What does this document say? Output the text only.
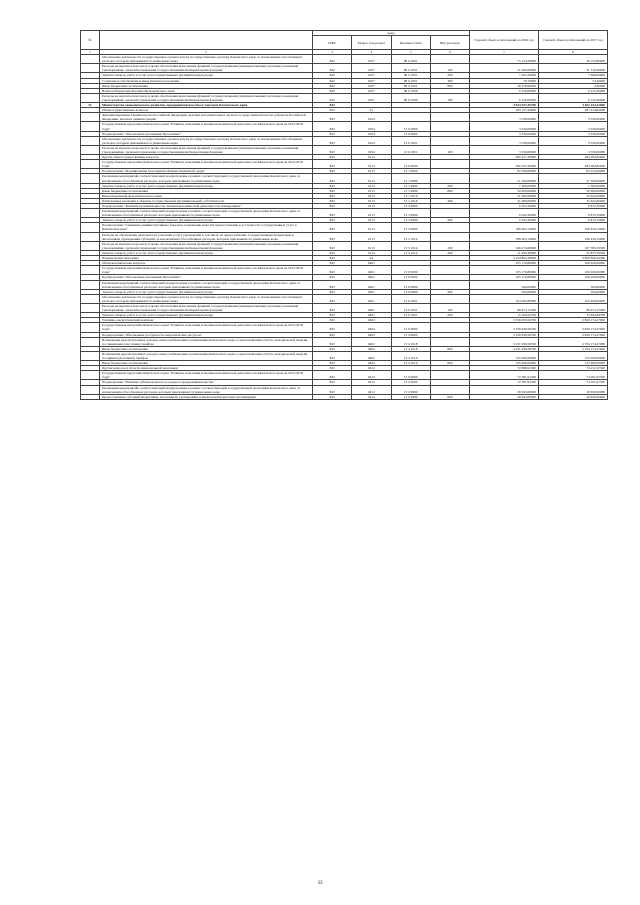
№		коды				Годовой объем ассигнований на 2016 год	Годовой объем ассигнований на 2017 год
		ГРБС	Раздел, под-раздел	Целевая статья	Вид расходов		
1	2	3	4	5	6	7	8
	Обеспечение деятельности государственных органов власти (государственных органов) Камчатского края, за исключением обособленных расходов, которым присваиваются уникальные коды	842	0107	99 0 1001		75 154,50000	39 152,80000
	Расходы на выплаты персоналу в целях обеспечения выполнения функций государственными (муниципальными) органами, казенными учреждениями, органами управления государственными внебюджетными фондами	842	0107	99 0 1001	100	31 490,00000	31 310,00000
	Закупка товаров, работ и услуг для государственных (муниципальных) нужд	842	0107	99 0 1001	200	7 205,20000	7 666,00000
	Социальное обеспечение и иные выплаты населению	842	0107	99 0 1001	300	70,70000	74,40000
	Иные бюджетные ассигнования	842	0107	99 0 1001	800	36 478,90000	2,40000
	Члены избирательной комиссии Камчатского края	842	0107	99 0 1006		6 156,00000	6 121,00000
	Расходы на выплаты персоналу в целях обеспечения выполнения функций государственными (муниципальными) органами, казенными учреждениями, органами управления государственными внебюджетными фондами	842	0107	99 0 1006	100	6 156,00000	6 121,00000
31	Министерство экономического развития, предпринимательства и торговли Камчатского края	843				3 923 927,36700	3 402 244,41000
	Общегосударственные вопросы	843	01			283 757,49000	287 914,82000
	Функционирование Правительства Российской Федерации, высших исполнительных органов государственной власти субъектов Российской Федерации, местных администраций	843	0104			3 530,00000	3 530,00000
	Государственная программа Камчатского края "Развитие экономики и внешнеэкономической деятельности Камчатского края на 2014-2018 годы"	843	0104	13 0 0000		3 530,00000	3 530,00000
	Подпрограмма "Обеспечение реализации Программы"	843	0104	13 6 0000		3 530,00000	3 530,00000
	Обеспечение деятельности государственных органов власти (государственных органов) Камчатского края, за исключением обособленных расходов, которым присваиваются уникальные коды	843	0104	13 6 1001		3 530,00000	3 530,00000
	Расходы на выплаты персоналу в целях обеспечения выполнения функций государственными (муниципальными) органами, казенными учреждениями, органами управления государственными внебюджетными фондами	843	0104	13 6 1001	100	3 530,00000	3 530,00000
	Другие общегосударственные вопросы	843	0113			280 227,49000	284 384,82000
	Государственная программа Камчатского края "Развитие экономики и внешнеэкономической деятельности Камчатского края на 2014-2018 годы"	843	0113	13 0 0000		280 227,49000	284 384,82000
	Подпрограмма "Формирование благоприятной инвестиционной среды"	843	0113	13 1 0000		82 560,00000	84 122,00000
	Реализация мероприятий соответствующей подпрограммы в рамках соответствующей государственной программы Камчатского края, за исключением обособленных расходов, которым присваиваются уникальные коды	843	0113	13 1 9999		51 500,00000	51 500,00000
	Закупка товаров, работ и услуг для государственных (муниципальных) нужд	843	0113	13 1 9999	200	1 500,00000	1 500,00000
	Иные бюджетные ассигнования	843	0113	13 1 9999	800	50 000,00000	50 000,00000
	Инвестиционный фонд Камчатского края	843	0113	13 1 1016		31 060,00000	32 622,00000
	Капитальные вложения в объекты государственной (муниципальной) собственности	843	0113	13 1 1016	400	31 060,00000	32 622,00000
	Подпрограмма "Развитие промышленности, внешнеэкономической деятельности, конкуренции"	843	0113	13 3 0000		9 322,30000	9 813,70000
	Реализация мероприятий соответствующей подпрограммы в рамках соответствующей государственной программы Камчатского края, за исключением обособленных расходов, которым присваиваются уникальные коды	843	0113	13 3 9999		9 322,30000	9 813,70000
	Закупка товаров, работ и услуг для государственных (муниципальных) нужд	843	0113	13 3 9999	200	9 322,30000	9 813,70000
	Подпрограмма "Снижение административных барьеров, повышение качества предоставления и доступности государственных услуг в Камчатском крае"	843	0113	13 5 0000		188 405,14000	190 459,12000
	Расходы на обеспечение деятельности (оказание услуг) учреждений, в том числе на предоставление государственным бюджетным и автономным учреждениям субсидий, за исключением обособленных расходов, которым присваиваются уникальные коды	843	0113	13 5 1014		188 405,14000	190 459,12000
	Расходы на выплаты персоналу в целях обеспечения выполнения функций государственными (муниципальными) органами, казенными учреждениями, органами управления государственными внебюджетными фондами	843	0113	13 5 1014	100	166 474,68000	167 583,35500
	Закупка товаров, работ и услуг для государственных (муниципальных) нужд	843	0113	13 5 1014	200	21 930,46000	22 875,76500
	Национальная экономика	843	04			3 334 803,28000	3 009 406,44300
	Общеэкономические вопросы	843	0401			105 176,80000	106 020,00000
	Государственная программа Камчатского края "Развитие экономики и внешнеэкономической деятельности Камчатского края на 2014-2018 годы"	843	0401	13 0 0000		105 176,80000	106 020,00000
	Подпрограмма "Обеспечение реализации Программы"	843	0401	13 6 0000		105 176,80000	106 020,00000
	Реализация мероприятий соответствующей подпрограммы в рамках соответствующей государственной программы Камчатского края, за исключением обособленных расходов, которым присваиваются уникальные коды	843	0401	13 6 9999		594,00000	594,00000
	Закупка товаров, работ и услуг для государственных (муниципальных) нужд	843	0401	13 6 9999	200	594,00000	594,00000
	Обеспечение деятельности государственных органов власти (государственных органов) Камчатского края, за исключением обособленных расходов, которым присваиваются уникальные коды	843	0401	13 6 1001		104 582,80000	105 426,00000
	Расходы на выплаты персоналу в целях обеспечения выполнения функций государственными (муниципальными) органами, казенными учреждениями, органами управления государственными внебюджетными фондами	843	0401	13 6 1001	100	89 473,15300	89 473,15300
	Закупка товаров, работ и услуг для государственных (муниципальных) нужд	843	0401	13 6 1001	200	15 109,64700	15 952,84700
	Топливно-энергетический комплекс	843	0402			3 356 939,56700	2 829 174,47000
	Государственная программа Камчатского края "Развитие экономики и внешнеэкономической деятельности Камчатского края на 2014-2018 годы"	843	0402	13 0 0000		3 356 939,56700	2 829 174,47000
	Подпрограмма "Обеспечение доступности энергетических ресурсов"	843	0402	13 4 0000		3 356 939,56700	2 829 174,47000
	Возмещение недополученных доходов энергоснабжающим организациям Камчатского края, осуществляющим отпуск электрической энергии по сниженным (льготным) тарифам	843	0402	13 4 1018		3 231 939,56700	2 704 174,47000
	Иные бюджетные ассигнования	843	0402	13 4 1018	800	3 231 939,56700	2 704 174,47000
	Возмещение недополученных доходов энергоснабжающим организациям Камчатского края, осуществляющим отпуск электрической энергии по единым (котловым) тарифам	843	0402	13 4 1019		125 000,00000	125 000,00000
	Иные бюджетные ассигнования	843	0402	13 4 1019	800	125 000,00000	125 000,00000
	Другие вопросы в области национальной экономики	843	0412			72 686,91300	74 211,97300
	Государственная программа Камчатского края "Развитие экономики и внешнеэкономической деятельности Камчатского края на 2014-2018 годы"	843	0412	13 0 0000		72 581,91300	74 201,97300
	Подпрограмма "Развитие субъектов малого и среднего предпринимательства"	843	0412	13 2 0000		72 581,91300	74 201,97300
	Реализация мероприятий соответствующей подпрограммы в рамках соответствующей государственной программы Камчатского края, за исключением обособленных расходов, которым присваиваются уникальные коды	843	0412	13 2 9999		28 645,00000	29 630,00000
	Предоставление субсидий бюджетным, автономным учреждениям и иным некоммерческим организациям	843	0412	13 2 9999	600	28 645,00000	29 630,00000
33
